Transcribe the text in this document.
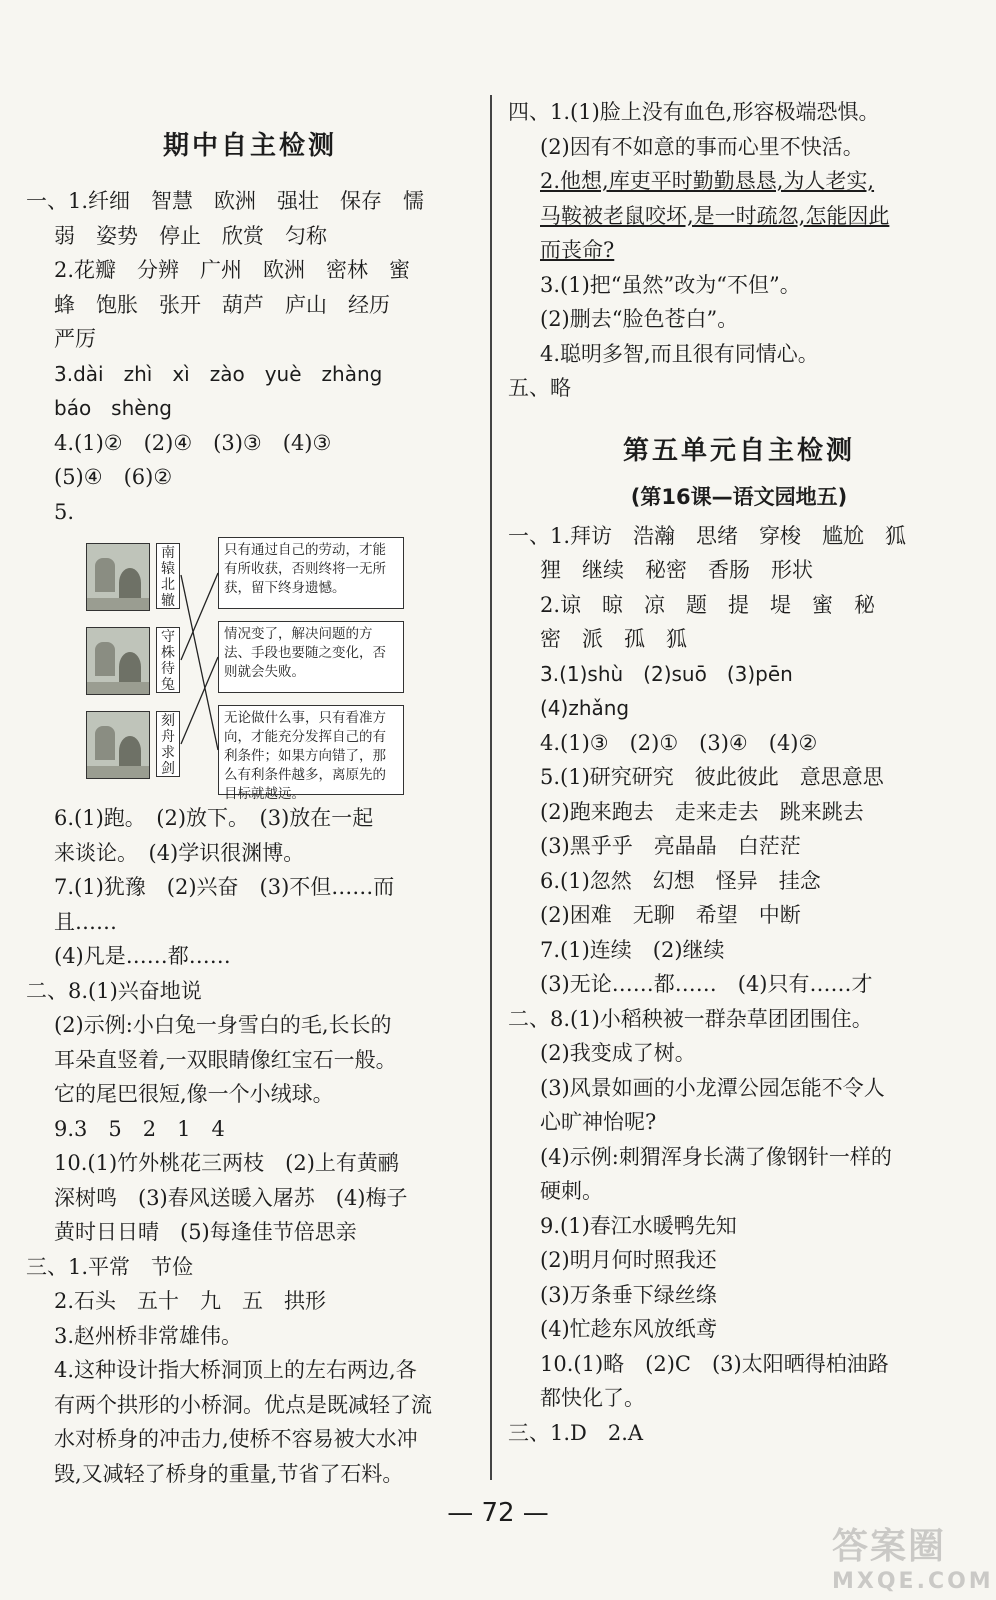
期中自主检测
一、1.纤细　智慧　欧洲　强壮　保存　懦
弱　姿势　停止　欣赏　匀称
2.花瓣　分辨　广州　欧洲　密林　蜜
蜂　饱胀　张开　葫芦　庐山　经历
严厉
3.dài　zhì　xì　zào　yuè　zhàng
báo　shèng
4.(1)②　(2)④　(3)③　(4)③
(5)④　(6)②
5.
南辕北辙
守株待兔
刻舟求剑
只有通过自己的劳动，才能有所收获，否则终将一无所获，留下终身遗憾。
情况变了，解决问题的方法、手段也要随之变化，否则就会失败。
无论做什么事，只有看准方向，才能充分发挥自己的有利条件；如果方向错了，那么有利条件越多，离原先的目标就越远。
6.(1)跑。　(2)放下。　(3)放在一起
来谈论。　(4)学识很渊博。
7.(1)犹豫　(2)兴奋　(3)不但……而
且……
(4)凡是……都……
二、8.(1)兴奋地说
(2)示例:小白兔一身雪白的毛,长长的
耳朵直竖着,一双眼睛像红宝石一般。
它的尾巴很短,像一个小绒球。
9.3　5　2　1　4
10.(1)竹外桃花三两枝　(2)上有黄鹂
深树鸣　(3)春风送暖入屠苏　(4)梅子
黄时日日晴　(5)每逢佳节倍思亲
三、1.平常　节俭
2.石头　五十　九　五　拱形
3.赵州桥非常雄伟。
4.这种设计指大桥洞顶上的左右两边,各
有两个拱形的小桥洞。优点是既减轻了流
水对桥身的冲击力,使桥不容易被大水冲
毁,又减轻了桥身的重量,节省了石料。
四、1.(1)脸上没有血色,形容极端恐惧。
(2)因有不如意的事而心里不快活。
2.他想,库吏平时勤勤恳恳,为人老实,
马鞍被老鼠咬坏,是一时疏忽,怎能因此
而丧命?
3.(1)把“虽然”改为“不但”。
(2)删去“脸色苍白”。
4.聪明多智,而且很有同情心。
五、略
第五单元自主检测
(第16课—语文园地五)
一、1.拜访　浩瀚　思绪　穿梭　尴尬　狐
狸　继续　秘密　香肠　形状
2.谅　晾　凉　题　提　堤　蜜　秘
密　派　孤　狐
3.(1)shù　(2)suō　(3)pēn
(4)zhǎng
4.(1)③　(2)①　(3)④　(4)②
5.(1)研究研究　彼此彼此　意思意思
(2)跑来跑去　走来走去　跳来跳去
(3)黑乎乎　亮晶晶　白茫茫
6.(1)忽然　幻想　怪异　挂念
(2)困难　无聊　希望　中断
7.(1)连续　(2)继续
(3)无论……都……　(4)只有……才
二、8.(1)小稻秧被一群杂草团团围住。
(2)我变成了树。
(3)风景如画的小龙潭公园怎能不令人
心旷神怡呢?
(4)示例:刺猬浑身长满了像钢针一样的
硬刺。
9.(1)春江水暖鸭先知
(2)明月何时照我还
(3)万条垂下绿丝绦
(4)忙趁东风放纸鸢
10.(1)略　(2)C　(3)太阳晒得柏油路
都快化了。
三、1.D　2.A
— 72 —
答案圈
MXQE.COM
